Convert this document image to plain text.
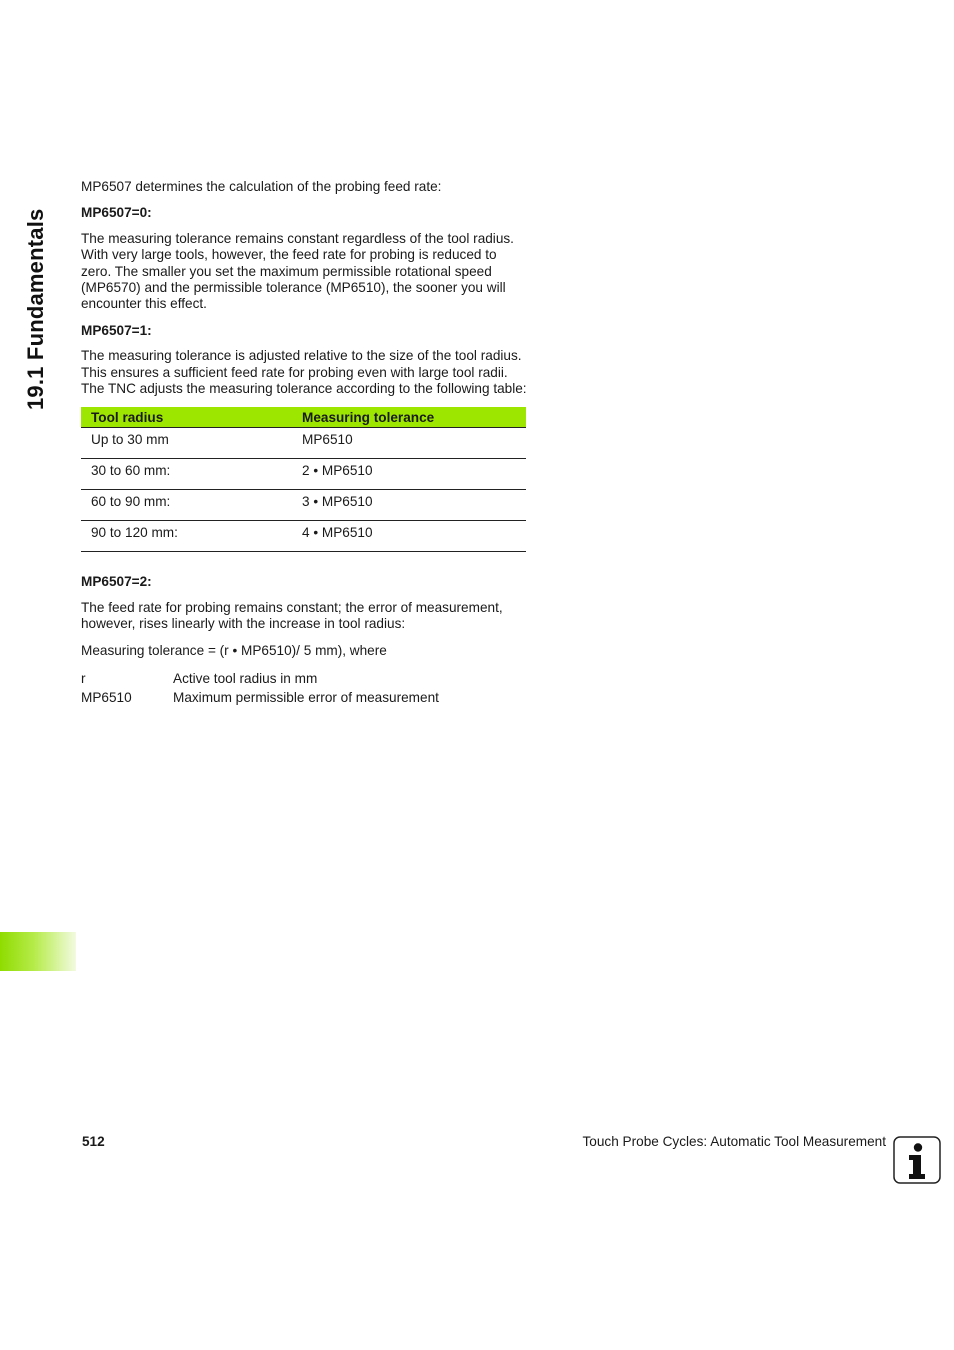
19.1 Fundamentals

MP6507 determines the calculation of the probing feed rate:

MP6507=0:

The measuring tolerance remains constant regardless of the tool radius. With very large tools, however, the feed rate for probing is reduced to zero. The smaller you set the maximum permissible rotational speed (MP6570) and the permissible tolerance (MP6510), the sooner you will encounter this effect.

MP6507=1:

The measuring tolerance is adjusted relative to the size of the tool radius. This ensures a sufficient feed rate for probing even with large tool radii. The TNC adjusts the measuring tolerance according to the following table:

Tool radius	Measuring tolerance
Up to 30 mm	MP6510
30 to 60 mm:	2 • MP6510
60 to 90 mm:	3 • MP6510
90 to 120 mm:	4 • MP6510

MP6507=2:

The feed rate for probing remains constant; the error of measurement, however, rises linearly with the increase in tool radius:

Measuring tolerance = (r • MP6510)/ 5 mm), where

r	Active tool radius in mm
MP6510	Maximum permissible error of measurement
512	Touch Probe Cycles: Automatic Tool Measurement
